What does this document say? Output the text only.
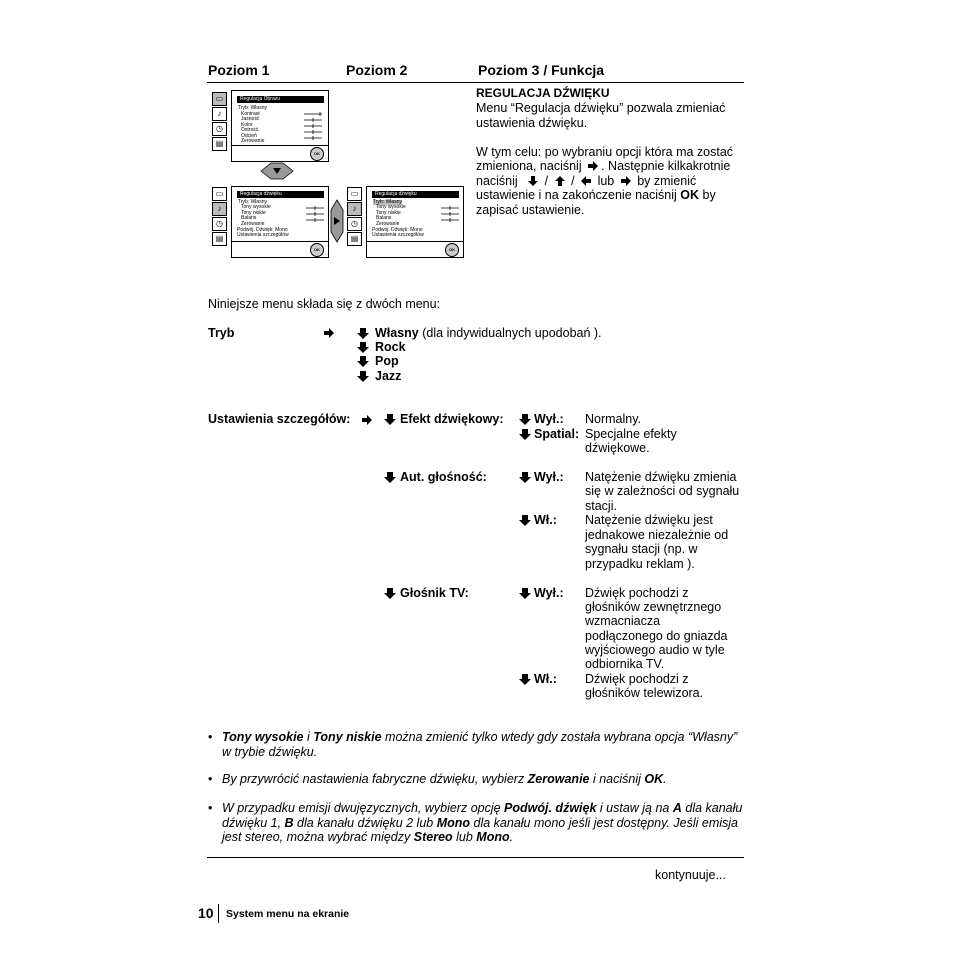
Poziom 1	Poziom 2	Poziom 3 / Funkcja
▭
♪
◷
▤
Regulacja Obrazu
Tryb: Własny
Kontrast
Jasność
Kolor
Ostrość
Odcień
Zerowanie
OK
▭
♪
◷
▤
Regulacja dźwięku
Tryb: Własny
Tony wysokie
Tony niskie
Balans
Zerowanie
Podwój. Dźwięk: Mono
Ustawienia szczegółów
OK
▭
♪
◷
▤
Regulacja dźwięku
Tryb: Własny
Tony wysokie
Tony niskie
Balans
Zerowanie
Podwój. Dźwięk: Mono
Ustawienia szczegółów
OK
REGULACJA DŹWIĘKU
Menu “Regulacja dźwięku” pozwala zmieniać
ustawienia dźwięku.
W tym celu: po wybraniu opcji która ma zostać
zmieniona, naciśnij . Następnie kilkakrotnie
naciśnij / / lub by zmienić
ustawienie i na zakończenie naciśnij OK by
zapisać ustawienie.
Niniejsze menu składa się z dwóch menu:
Tryb	Własny (dla indywidualnych upodobań ).
Rock
Pop
Jazz
Ustawienia szczegółów:	Efekt dźwiękowy: Wył.: Normalny.
Spatial: Specjalne efekty
dźwiękowe.
Aut. głośność:	Wył.: Natężenie dźwięku zmienia
się w zależności od sygnału
stacji.
Wł.: Natężenie dźwięku jest
jednakowe niezależnie od
sygnału stacji (np. w
przypadku reklam ).
Głośnik TV:	Wył.: Dźwięk pochodzi z
głośników zewnętrznego
wzmacniacza
podłączonego do gniazda
wyjściowego audio w tyle
odbiornika TV.
Wł.: Dźwięk pochodzi z
głośników telewizora.
• Tony wysokie i Tony niskie można zmienić tylko wtedy gdy została wybrana opcja “Własny”
w trybie dźwięku.
• By przywrócić nastawienia fabryczne dźwięku, wybierz Zerowanie i naciśnij OK.
• W przypadku emisji dwujęzycznych, wybierz opcję Podwój. dźwięk i ustaw ją na A dla kanału
dźwięku 1, B dla kanału dźwięku 2 lub Mono dla kanału mono jeśli jest dostępny. Jeśli emisja
jest stereo, można wybrać między Stereo lub Mono.
kontynuuje...
10 System menu na ekranie
